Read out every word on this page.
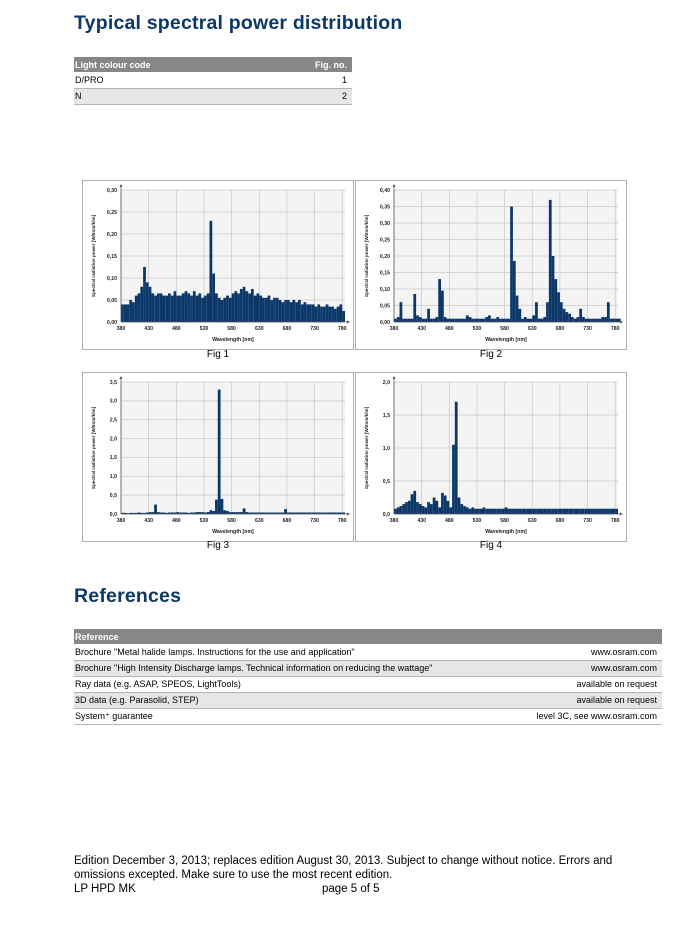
Typical spectral power distribution
Light colour code	Fig. no.
D/PRO	1
N	2
0,00
0,05
0,10
0,15
0,20
0,25
0,30
380	430	480	530	580	630	680	730	780
Wavelength [nm]
Spectral radiation power [W/5nm/klm]
Fig 1
0,00
0,05
0,10
0,15
0,20
0,25
0,30
0,35
0,40
380	430	480	530	580	630	680	730	780
Wavelength [nm]
Spectral radiation power [W/5nm/klm]
Fig 2
0,0
0,5
1,0
1,5
2,0
2,5
3,0
3,5
380	430	480	530	580	630	680	730	780
Wavelength [nm]
Spectral radiation power [W/5nm/klm]
Fig 3
0,0
0,5
1,0
1,5
2,0
380	430	480	530	580	630	680	730	780
Wavelength [nm]
Spectral radiation power [W/5nm/klm]
Fig 4
References
Reference	
Brochure "Metal halide lamps. Instructions for the use and application"	www.osram.com
Brochure "High Intensity Discharge lamps. Technical information on reducing the wattage"	www.osram.com
Ray data (e.g. ASAP, SPEOS, LightTools)	available on request
3D data (e.g. Parasolid, STEP)	available on request
System⁺ guarantee	level 3C, see www.osram.com
Edition December 3, 2013; replaces edition August 30, 2013. Subject to change without notice. Errors and omissions excepted. Make sure to use the most recent edition.
LP HPD MK	page 5 of 5
